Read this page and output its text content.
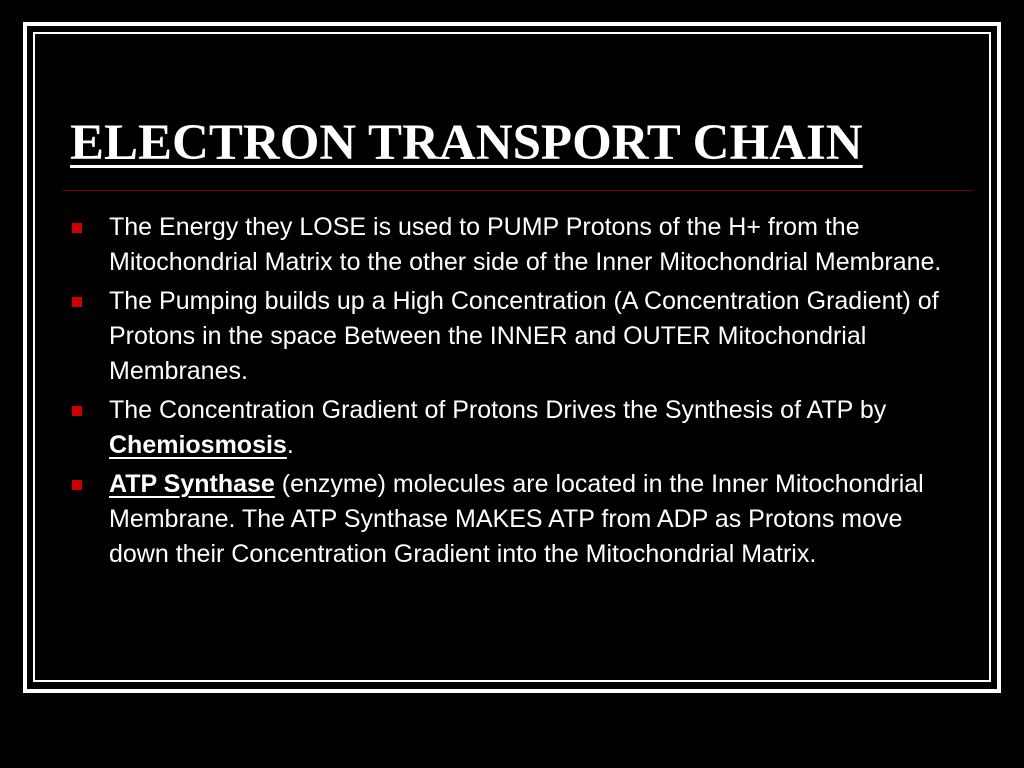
ELECTRON TRANSPORT CHAIN
The Energy they LOSE is used to PUMP Protons of the H+ from the Mitochondrial Matrix to the other side of the Inner Mitochondrial Membrane.
The Pumping builds up a High Concentration (A Concentration Gradient) of Protons in the space Between the INNER and OUTER Mitochondrial Membranes.
The Concentration Gradient of Protons Drives the Synthesis of ATP by Chemiosmosis.
ATP Synthase (enzyme) molecules are located in the Inner Mitochondrial Membrane. The ATP Synthase MAKES ATP from ADP as Protons move down their Concentration Gradient into the Mitochondrial Matrix.
